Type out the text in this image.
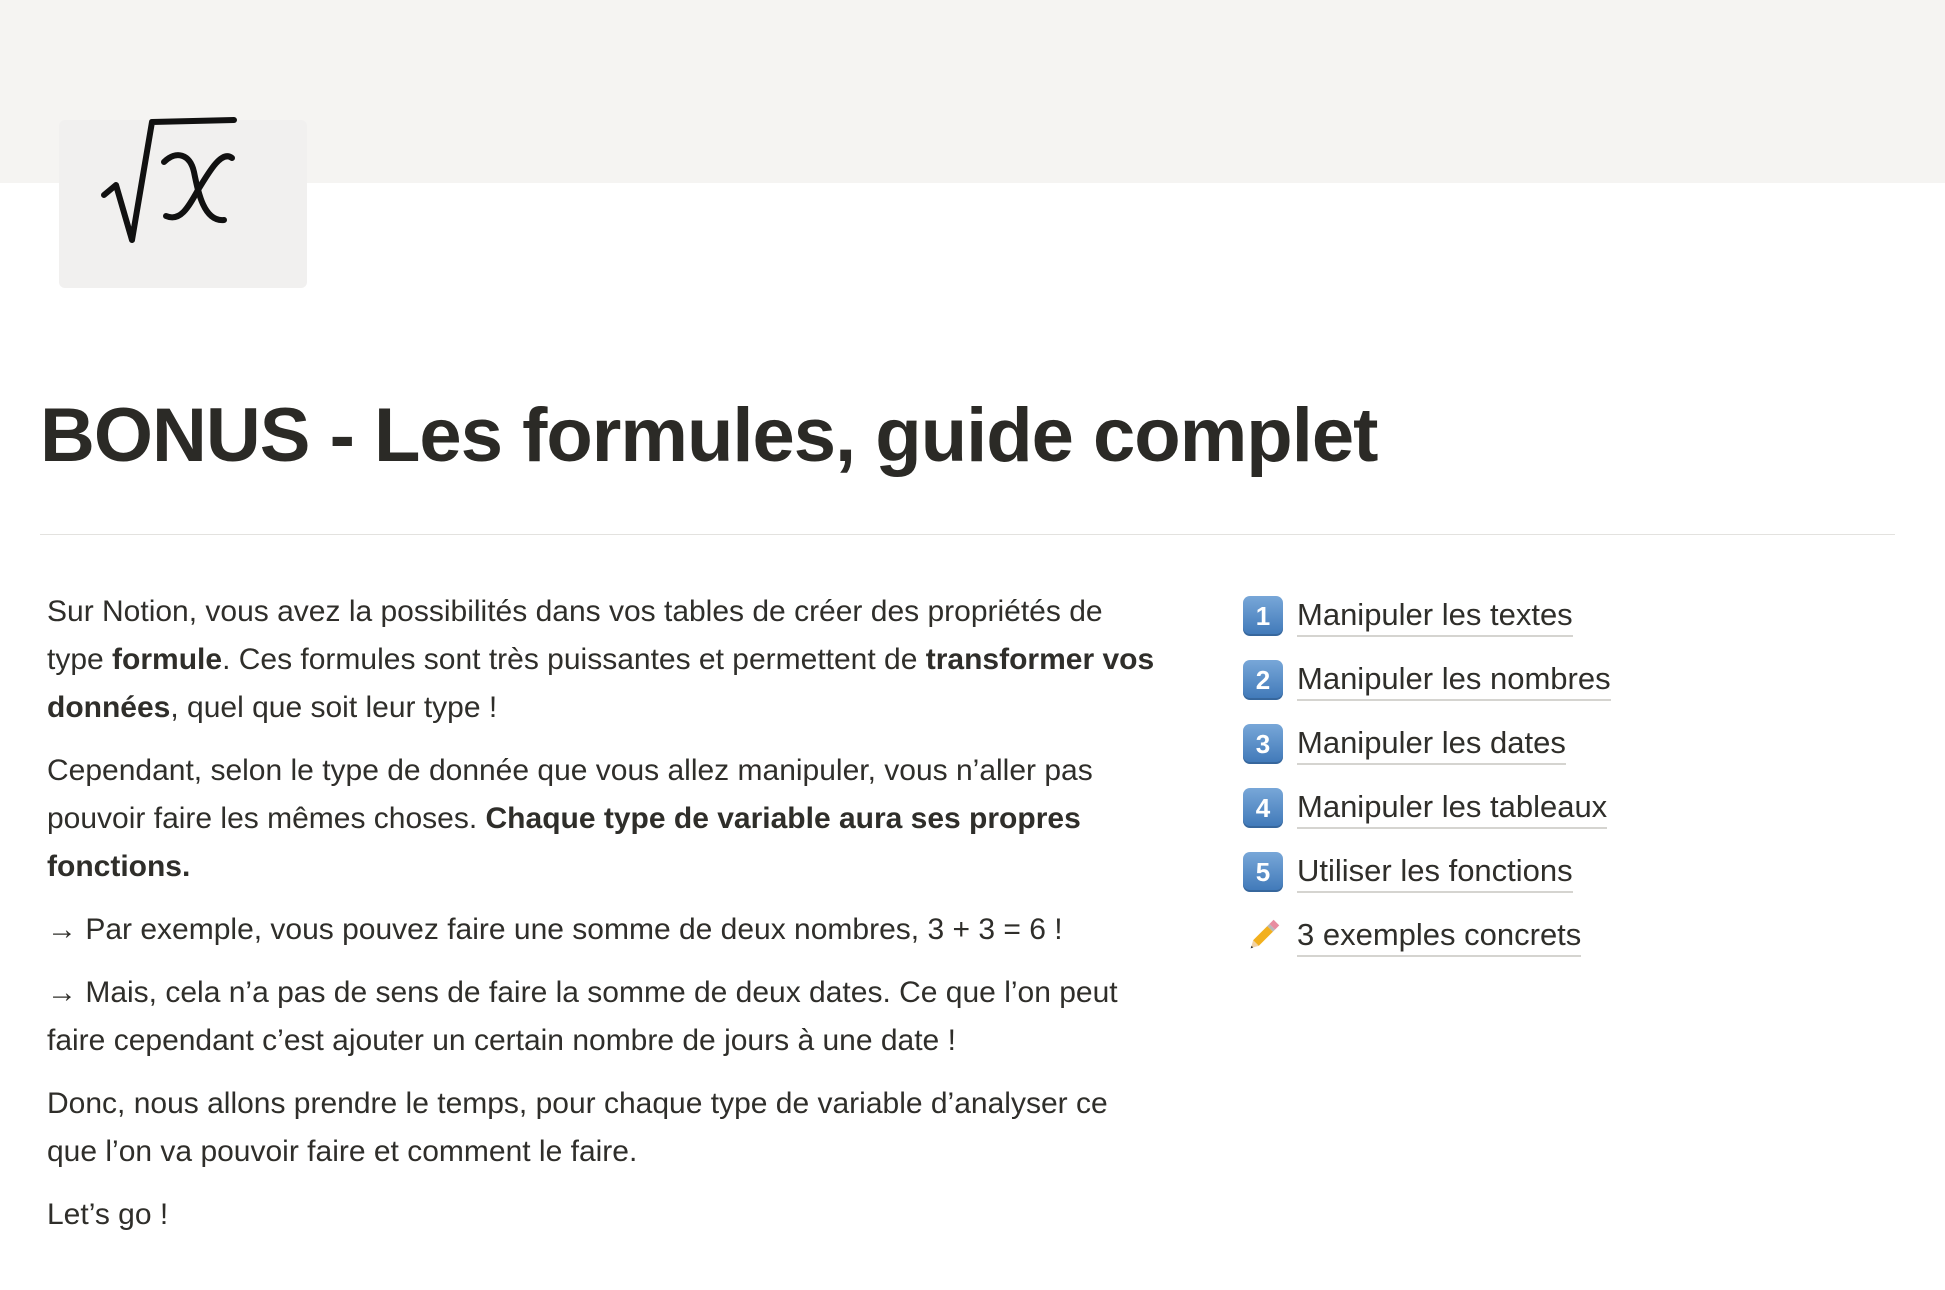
BONUS - Les formules, guide complet

Sur Notion, vous avez la possibilités dans vos tables de créer des propriétés de type formule. Ces formules sont très puissantes et permettent de transformer vos données, quel que soit leur type !

Cependant, selon le type de donnée que vous allez manipuler, vous n’aller pas pouvoir faire les mêmes choses. Chaque type de variable aura ses propres fonctions.

→ Par exemple, vous pouvez faire une somme de deux nombres, 3 + 3 = 6 !

→ Mais, cela n’a pas de sens de faire la somme de deux dates. Ce que l’on peut faire cependant c’est ajouter un certain nombre de jours à une date !

Donc, nous allons prendre le temps, pour chaque type de variable d’analyser ce que l’on va pouvoir faire et comment le faire.

Let’s go !

1 Manipuler les textes
2 Manipuler les nombres
3 Manipuler les dates
4 Manipuler les tableaux
5 Utiliser les fonctions
3 exemples concrets
